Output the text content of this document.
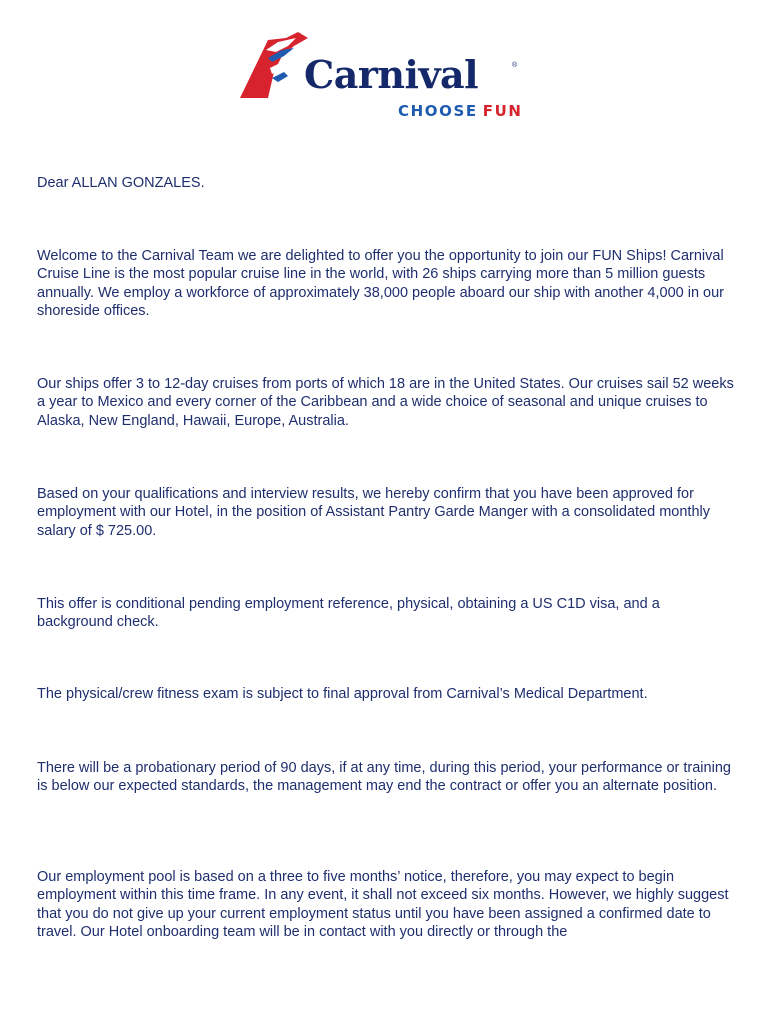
Carnival	®
CHOOSE FUN

Dear ALLAN GONZALES.

Welcome to the Carnival Team we are delighted to offer you the opportunity to join our FUN Ships! Carnival Cruise Line is the most popular cruise line in the world, with 26 ships carrying more than 5 million guests annually. We employ a workforce of approximately 38,000 people aboard our ship with another 4,000 in our shoreside offices.

Our ships offer 3 to 12-day cruises from ports of which 18 are in the United States. Our cruises sail 52 weeks a year to Mexico and every corner of the Caribbean and a wide choice of seasonal and unique cruises to Alaska, New England, Hawaii, Europe, Australia.

Based on your qualifications and interview results, we hereby confirm that you have been approved for employment with our Hotel, in the position of Assistant Pantry Garde Manger with a consolidated monthly salary of $ 725.00.

This offer is conditional pending employment reference, physical, obtaining a US C1D visa, and a background check.

The physical/crew fitness exam is subject to final approval from Carnival’s Medical Department.

There will be a probationary period of 90 days, if at any time, during this period, your performance or training is below our expected standards, the management may end the contract or offer you an alternate position.

Our employment pool is based on a three to five months’ notice, therefore, you may expect to begin employment within this time frame. In any event, it shall not exceed six months. However, we highly suggest that you do not give up your current employment status until you have been assigned a confirmed date to travel. Our Hotel onboarding team will be in contact with you directly or through the
